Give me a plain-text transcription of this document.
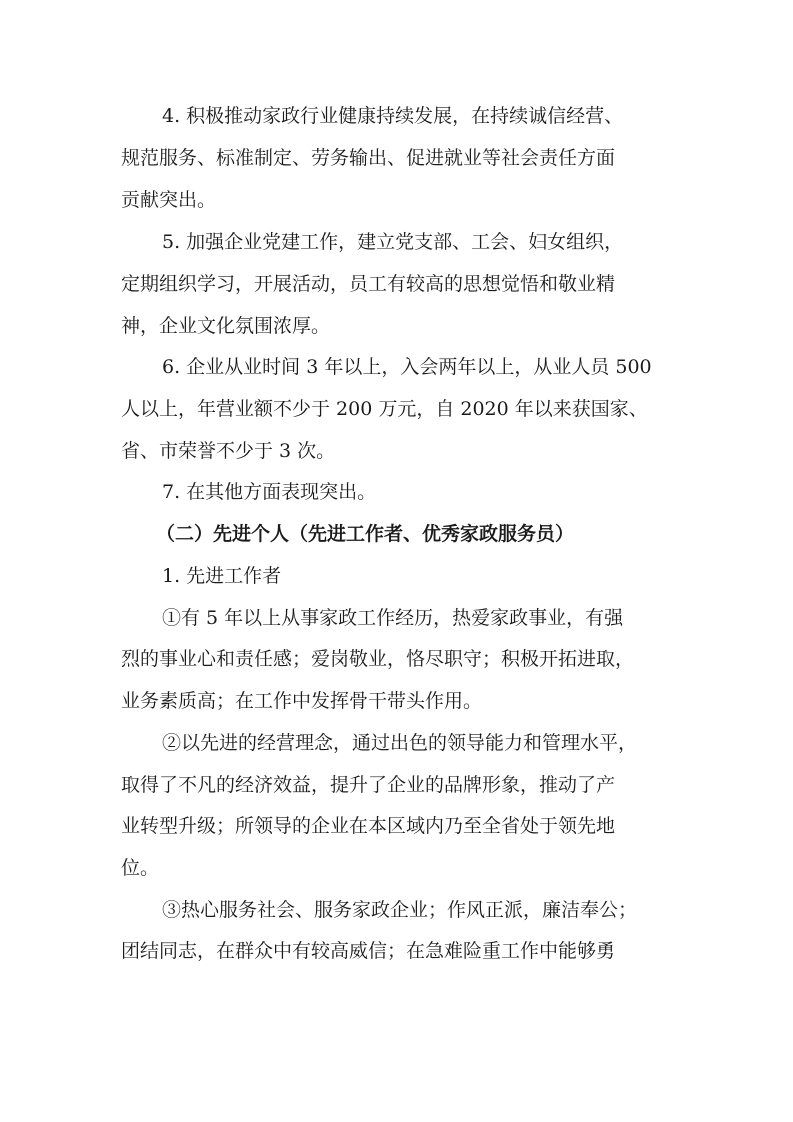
4. 积极推动家政行业健康持续发展，在持续诚信经营、
规范服务、标准制定、劳务输出、促进就业等社会责任方面
贡献突出。
5. 加强企业党建工作，建立党支部、工会、妇女组织，
定期组织学习，开展活动，员工有较高的思想觉悟和敬业精
神，企业文化氛围浓厚。
6. 企业从业时间 3 年以上，入会两年以上，从业人员 500
人以上，年营业额不少于 200 万元，自 2020 年以来获国家、
省、市荣誉不少于 3 次。
7. 在其他方面表现突出。
（二）先进个人（先进工作者、优秀家政服务员）
1. 先进工作者
①有 5 年以上从事家政工作经历，热爱家政事业，有强
烈的事业心和责任感；爱岗敬业，恪尽职守；积极开拓进取，
业务素质高；在工作中发挥骨干带头作用。
②以先进的经营理念，通过出色的领导能力和管理水平，
取得了不凡的经济效益，提升了企业的品牌形象，推动了产
业转型升级；所领导的企业在本区域内乃至全省处于领先地
位。
③热心服务社会、服务家政企业；作风正派，廉洁奉公；
团结同志，在群众中有较高威信；在急难险重工作中能够勇
